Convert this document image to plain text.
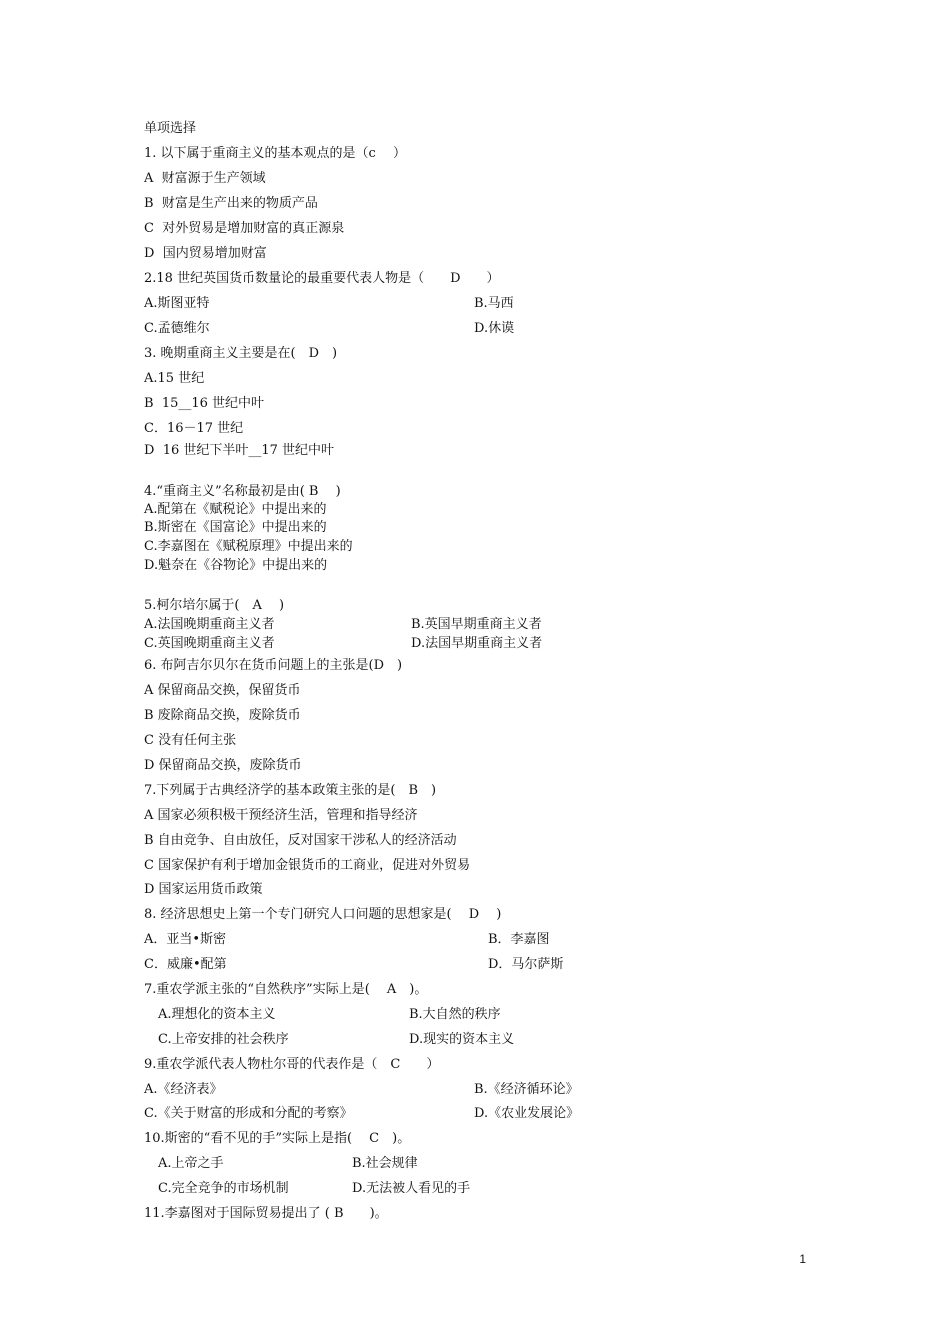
单项选择
1. 以下属于重商主义的基本观点的是（c　 ）
A  财富源于生产领域
B  财富是生产出来的物质产品
C  对外贸易是增加财富的真正源泉
D  国内贸易增加财富
2.18 世纪英国货币数量论的最重要代表人物是（　　D　　）
A.斯图亚特	B.马西
C.孟德维尔	D.休谟
3. 晚期重商主义主要是在(　D　)
A.15 世纪
B  15__16 世纪中叶
C．16－17 世纪
D  16 世纪下半叶__17 世纪中叶
4.“重商主义”名称最初是由( B　 )
A.配第在《赋税论》中提出来的
B.斯密在《国富论》中提出来的
C.李嘉图在《赋税原理》中提出来的
D.魁奈在《谷物论》中提出来的
5.柯尔培尔属于(　A　 )
A.法国晚期重商主义者	B.英国早期重商主义者
C.英国晚期重商主义者	D.法国早期重商主义者
6. 布阿吉尔贝尔在货币问题上的主张是(D　)
A 保留商品交换，保留货币
B 废除商品交换，废除货币
C 没有任何主张
D 保留商品交换，废除货币
7.下列属于古典经济学的基本政策主张的是(　B　)
A 国家必须积极干预经济生活，管理和指导经济
B 自由竞争、自由放任，反对国家干涉私人的经济活动
C 国家保护有利于增加金银货币的工商业，促进对外贸易
D 国家运用货币政策
8. 经济思想史上第一个专门研究人口问题的思想家是(　 D　 )
A．亚当•斯密	B．李嘉图
C．威廉•配第	D．马尔萨斯
7.重农学派主张的“自然秩序”实际上是(　 A　)。
A.理想化的资本主义	B.大自然的秩序
C.上帝安排的社会秩序	D.现实的资本主义
9.重农学派代表人物杜尔哥的代表作是（　C　　）
A.《经济表》	B.《经济循环论》
C.《关于财富的形成和分配的考察》	D.《农业发展论》
10.斯密的“看不见的手”实际上是指(　 C　)。
A.上帝之手	B.社会规律
C.完全竞争的市场机制	D.无法被人看见的手
11.李嘉图对于国际贸易提出了 ( B　　)。
1
